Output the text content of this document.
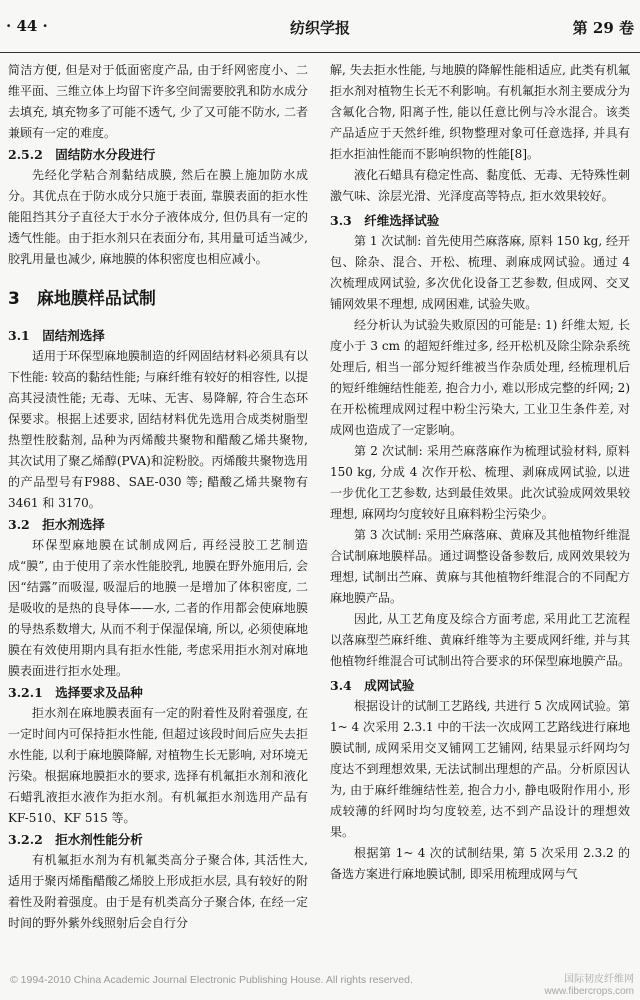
· 44 ·	纺织学报	第 29 卷

简洁方便, 但是对于低面密度产品, 由于纤网密度小、二维平面、三维立体上均留下许多空间需要胶乳和防水成分去填充, 填充物多了可能不透气, 少了又可能不防水, 二者兼顾有一定的难度。

2.5.2　固结防水分段进行

先经化学粘合剂黏结成膜, 然后在膜上施加防水成分。其优点在于防水成分只施于表面, 靠膜表面的拒水性能阻挡其分子直径大于水分子液体成分, 但仍具有一定的透气性能。由于拒水剂只在表面分布, 其用量可适当减少, 胶乳用量也减少, 麻地膜的体积密度也相应减小。

3　麻地膜样品试制
3.1　固结剂选择

适用于环保型麻地膜制造的纤网固结材料必须具有以下性能: 较高的黏结性能; 与麻纤维有较好的相容性, 以提高其浸渍性能; 无毒、无味、无害、易降解, 符合生态环保要求。根据上述要求, 固结材料优先选用合成类树脂型热塑性胶黏剂, 品种为丙烯酸共聚物和醋酸乙烯共聚物, 其次试用了聚乙烯醇(PVA)和淀粉胶。丙烯酸共聚物选用的产品型号有F988、SAE-030 等; 醋酸乙烯共聚物有 3461 和 3170。

3.2　拒水剂选择

环保型麻地膜在试制成网后, 再经浸胶工艺制造成“膜”, 由于使用了亲水性能胶乳, 地膜在野外施用后, 会因“结露”而吸湿, 吸湿后的地膜一是增加了体积密度, 二是吸收的是热的良导体——水, 二者的作用都会使麻地膜的导热系数增大, 从而不利于保湿保墒, 所以, 必须使麻地膜在有效使用期内具有拒水性能, 考虑采用拒水剂对麻地膜表面进行拒水处理。

3.2.1　选择要求及品种

拒水剂在麻地膜表面有一定的附着性及附着强度, 在一定时间内可保持拒水性能, 但超过该段时间后应失去拒水性能, 以利于麻地膜降解, 对植物生长无影响, 对环境无污染。根据麻地膜拒水的要求, 选择有机氟拒水剂和液化石蜡乳液拒水液作为拒水剂。有机氟拒水剂选用产品有 KF-510、KF 515 等。

3.2.2　拒水剂性能分析

有机氟拒水剂为有机氟类高分子聚合体, 其活性大, 适用于聚丙烯酯醋酸乙烯胶上形成拒水层, 具有较好的附着性及附着强度。由于是有机类高分子聚合体, 在经一定时间的野外紫外线照射后会自行分

解, 失去拒水性能, 与地膜的降解性能相适应, 此类有机氟拒水剂对植物生长无不利影响。有机氟拒水剂主要成分为含氟化合物, 阳离子性, 能以任意比例与冷水混合。该类产品适应于天然纤维, 织物整理对象可任意选择, 并具有拒水拒油性能而不影响织物的性能[8]。

液化石蜡具有稳定性高、黏度低、无毒、无特殊性刺激气味、涂层光滑、光泽度高等特点, 拒水效果较好。

3.3　纤维选择试验

第 1 次试制: 首先使用苎麻落麻, 原料 150 kg, 经开包、除杂、混合、开松、梳理、剥麻成网试验。通过 4 次梳理成网试验, 多次优化设备工艺参数, 但成网、交叉铺网效果不理想, 成网困难, 试验失败。

经分析认为试验失败原因的可能是: 1) 纤维太短, 长度小于 3 cm 的超短纤维过多, 经开松机及除尘除杂系统处理后, 相当一部分短纤维被当作杂质处理, 经梳理机后的短纤维缠结性能差, 抱合力小, 难以形成完整的纤网; 2) 在开松梳理成网过程中粉尘污染大, 工业卫生条件差, 对成网也造成了一定影响。

第 2 次试制: 采用苎麻落麻作为梳理试验材料, 原料 150 kg, 分成 4 次作开松、梳理、剥麻成网试验, 以进一步优化工艺参数, 达到最佳效果。此次试验成网效果较理想, 麻网均匀度较好且麻料粉尘污染少。

第 3 次试制: 采用苎麻落麻、黄麻及其他植物纤维混合试制麻地膜样品。通过调整设备参数后, 成网效果较为理想, 试制出苎麻、黄麻与其他植物纤维混合的不同配方麻地膜产品。

因此, 从工艺角度及综合方面考虑, 采用此工艺流程以落麻型苎麻纤维、黄麻纤维等为主要成网纤维, 并与其他植物纤维混合可试制出符合要求的环保型麻地膜产品。

3.4　成网试验

根据设计的试制工艺路线, 共进行 5 次成网试验。第 1~ 4 次采用 2.3.1 中的干法一次成网工艺路线进行麻地膜试制, 成网采用交叉铺网工艺铺网, 结果显示纤网均匀度达不到理想效果, 无法试制出理想的产品。分析原因认为, 由于麻纤维缠结性差, 抱合力小, 静电吸附作用小, 形成较薄的纤网时均匀度较差, 达不到产品设计的理想效果。

根据第 1~ 4 次的试制结果, 第 5 次采用 2.3.2 的备选方案进行麻地膜试制, 即采用梳理成网与气

© 1994-2010 China Academic Journal Electronic Publishing House. All rights reserved.	国际韧皮纤维网
www.fibercrops.com
